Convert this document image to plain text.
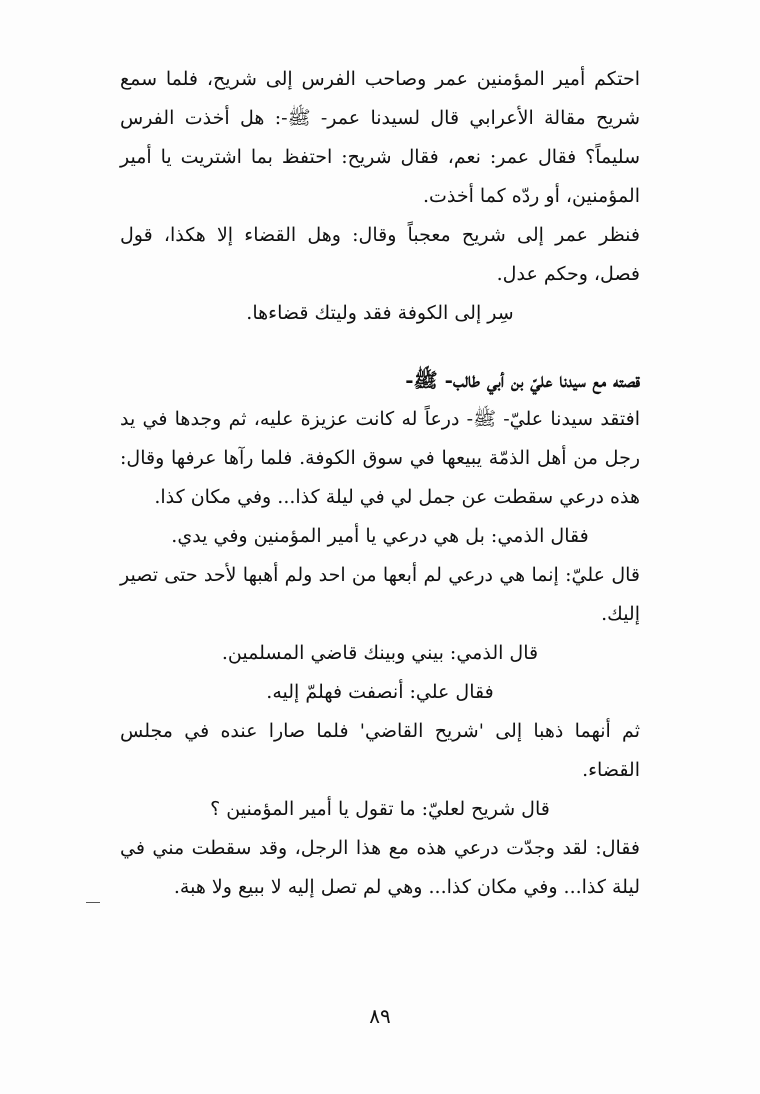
احتكم أمير المؤمنين عمر وصاحب الفرس إلى شريح، فلما سمع شريح مقالة الأعرابي قال لسيدنا عمر- ﷺ-: هل أخذت الفرس سليماً؟ فقال عمر: نعم، فقال شريح: احتفظ بما اشتريت يا أمير المؤمنين، أو ردّه كما أخذت.

فنظر عمر إلى شريح معجباً وقال: وهل القضاء إلا هكذا، قول فصل، وحكم عدل.

سِر إلى الكوفة فقد وليتك قضاءها.

قصته مع سيدنا عليّ بن أبي طالب- ﷺ-

افتقد سيدنا عليّ- ﷺ- درعاً له كانت عزيزة عليه، ثم وجدها في يد رجل من أهل الذمّة يبيعها في سوق الكوفة. فلما رآها عرفها وقال: هذه درعي سقطت عن جمل لي في ليلة كذا... وفي مكان كذا.

فقال الذمي: بل هي درعي يا أمير المؤمنين وفي يدي.

قال عليّ: إنما هي درعي لم أبعها من احد ولم أهبها لأحد حتى تصير إليك.

قال الذمي: بيني وبينك قاضي المسلمين.

فقال علي: أنصفت فهلمّ إليه.

ثم أنهما ذهبا إلى 'شريح القاضي' فلما صارا عنده في مجلس القضاء.

قال شريح لعليّ: ما تقول يا أمير المؤمنين ؟

فقال: لقد وجدّت درعي هذه مع هذا الرجل، وقد سقطت مني في ليلة كذا... وفي مكان كذا... وهي لم تصل إليه لا ببيع ولا هبة.

٨٩
